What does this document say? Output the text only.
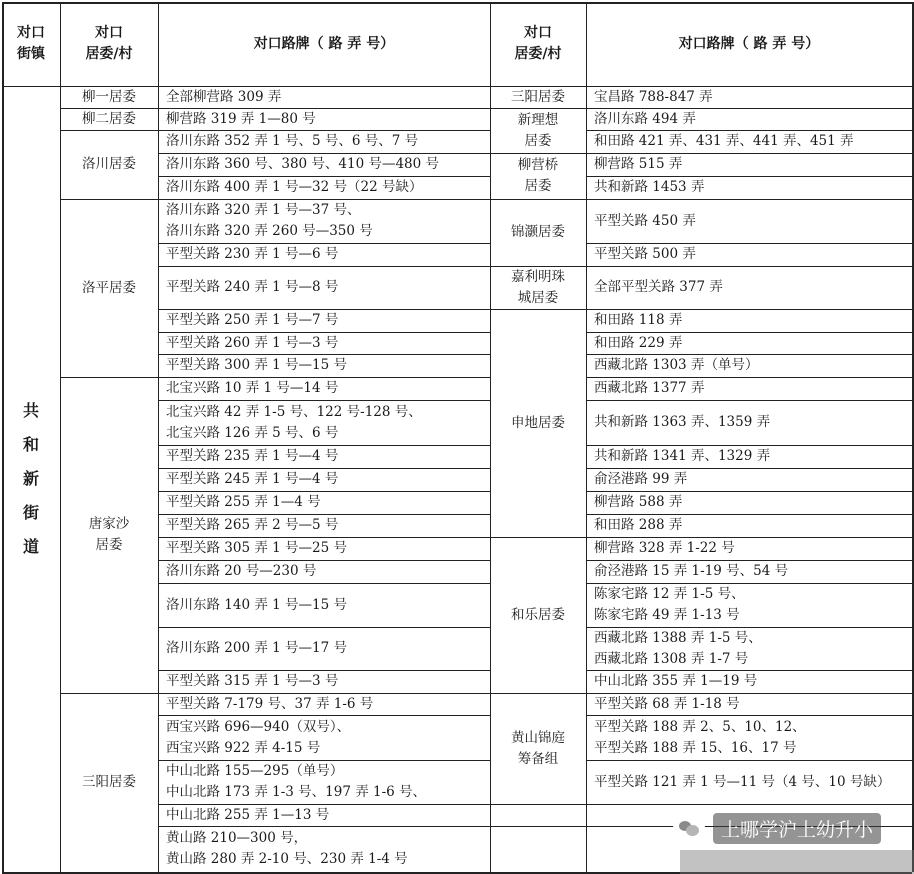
对口
街镇
对口
居委/村
对口路牌（ 路 弄 号）
对口
居委/村
对口路牌（ 路 弄 号）
共
和
新
街
道
柳一居委
柳二居委
洛川居委
洛平居委
唐家沙
居委
三阳居委
全部柳营路 309 弄
柳营路 319 弄 1—80 号
洛川东路 352 弄 1 号、5 号、6 号、7 号
洛川东路 360 号、380 号、410 号—480 号
洛川东路 400 弄 1 号—32 号（22 号缺）
洛川东路 320 弄 1 号—37 号、
洛川东路 320 弄 260 号—350 号
平型关路 230 弄 1 号—6 号
平型关路 240 弄 1 号—8 号
平型关路 250 弄 1 号—7 号
平型关路 260 弄 1 号—3 号
平型关路 300 弄 1 号—15 号
北宝兴路 10 弄 1 号—14 号
北宝兴路 42 弄 1-5 号、122 号-128 号、
北宝兴路 126 弄 5 号、6 号
平型关路 235 弄 1 号—4 号
平型关路 245 弄 1 号—4 号
平型关路 255 弄 1—4 号
平型关路 265 弄 2 号—5 号
平型关路 305 弄 1 号—25 号
洛川东路 20 号—230 号
洛川东路 140 弄 1 号—15 号
洛川东路 200 弄 1 号—17 号
平型关路 315 弄 1 号—3 号
平型关路 7-179 号、37 弄 1-6 号
西宝兴路 696—940（双号）、
西宝兴路 922 弄 4-15 号
中山北路 155—295（单号）
中山北路 173 弄 1-3 号、197 弄 1-6 号、
中山北路 255 弄 1—13 号
黄山路 210—300 号，
黄山路 280 弄 2-10 号、230 弄 1-4 号
三阳居委
新理想
居委
柳营桥
居委
锦灏居委
嘉利明珠
城居委
申地居委
和乐居委
黄山锦庭
筹备组
宝昌路 788-847 弄
洛川东路 494 弄
和田路 421 弄、431 弄、441 弄、451 弄
柳营路 515 弄
共和新路 1453 弄
平型关路 450 弄
平型关路 500 弄
全部平型关路 377 弄
和田路 118 弄
和田路 229 弄
西藏北路 1303 弄（单号）
西藏北路 1377 弄
共和新路 1363 弄、1359 弄
共和新路 1341 弄、1329 弄
俞泾港路 99 弄
柳营路 588 弄
和田路 288 弄
柳营路 328 弄 1-22 号
俞泾港路 15 弄 1-19 号、54 号
陈家宅路 12 弄 1-5 号、
陈家宅路 49 弄 1-13 号
西藏北路 1388 弄 1-5 号、
西藏北路 1308 弄 1-7 号
中山北路 355 弄 1—19 号
平型关路 68 弄 1-18 号
平型关路 188 弄 2、5、10、12、
平型关路 188 弄 15、16、17 号
平型关路 121 弄 1 号—11 号（4 号、10 号缺）
上哪学沪上幼升小
